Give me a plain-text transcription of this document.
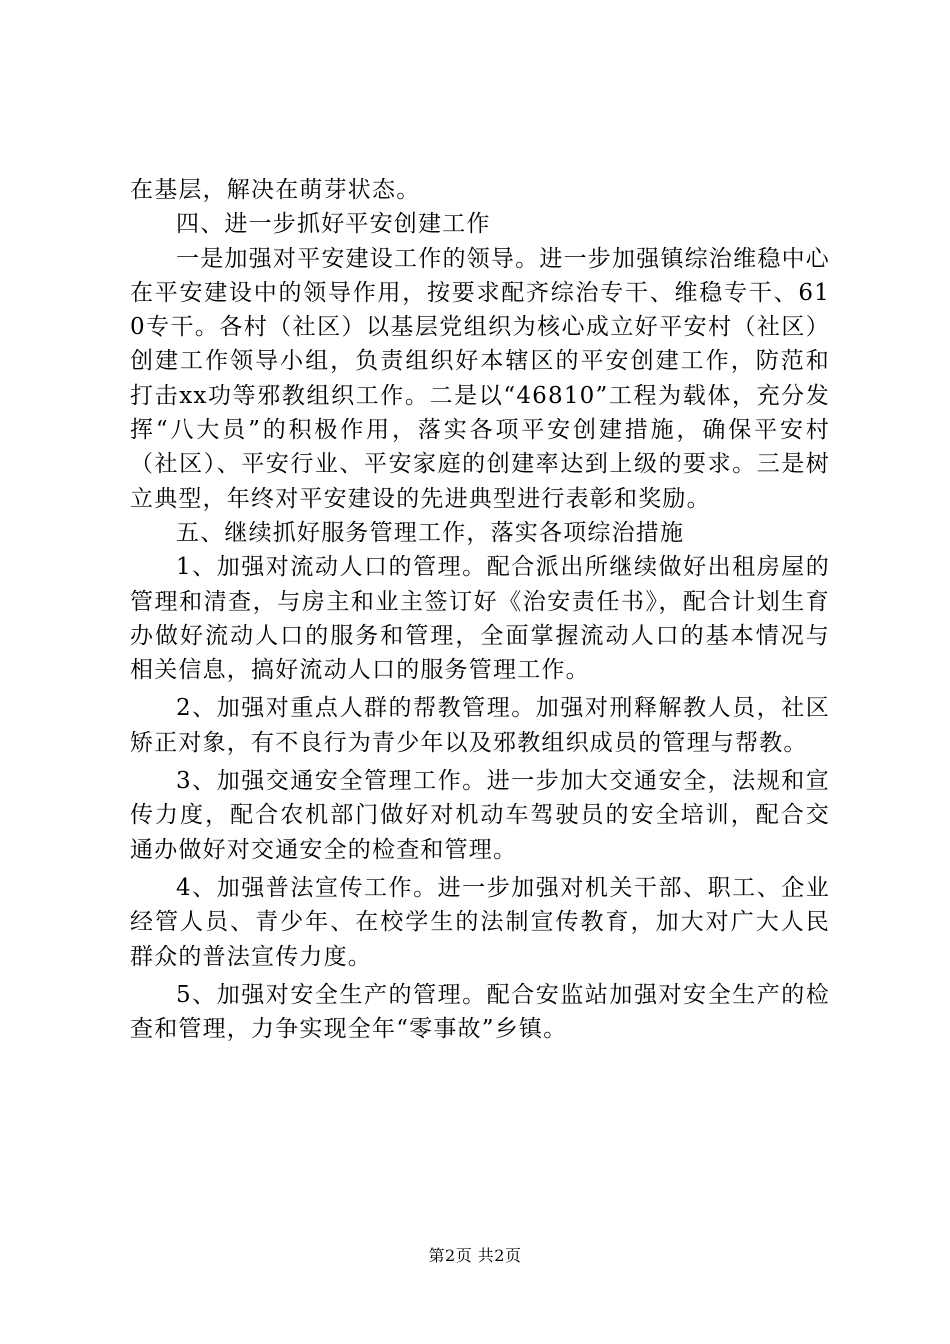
在基层，解决在萌芽状态。

四、进一步抓好平安创建工作

一是加强对平安建设工作的领导。进一步加强镇综治维稳中心在平安建设中的领导作用，按要求配齐综治专干、维稳专干、610专干。各村（社区）以基层党组织为核心成立好平安村（社区）创建工作领导小组，负责组织好本辖区的平安创建工作，防范和打击xx功等邪教组织工作。二是以“46810”工程为载体，充分发挥“八大员”的积极作用，落实各项平安创建措施，确保平安村（社区）、平安行业、平安家庭的创建率达到上级的要求。三是树立典型，年终对平安建设的先进典型进行表彰和奖励。

五、继续抓好服务管理工作，落实各项综治措施

1、加强对流动人口的管理。配合派出所继续做好出租房屋的管理和清查，与房主和业主签订好《治安责任书》，配合计划生育办做好流动人口的服务和管理，全面掌握流动人口的基本情况与相关信息，搞好流动人口的服务管理工作。

2、加强对重点人群的帮教管理。加强对刑释解教人员，社区矫正对象，有不良行为青少年以及邪教组织成员的管理与帮教。

3、加强交通安全管理工作。进一步加大交通安全，法规和宣传力度，配合农机部门做好对机动车驾驶员的安全培训，配合交通办做好对交通安全的检查和管理。

4、加强普法宣传工作。进一步加强对机关干部、职工、企业经管人员、青少年、在校学生的法制宣传教育，加大对广大人民群众的普法宣传力度。

5、加强对安全生产的管理。配合安监站加强对安全生产的检查和管理，力争实现全年“零事故”乡镇。

第2页 共2页
